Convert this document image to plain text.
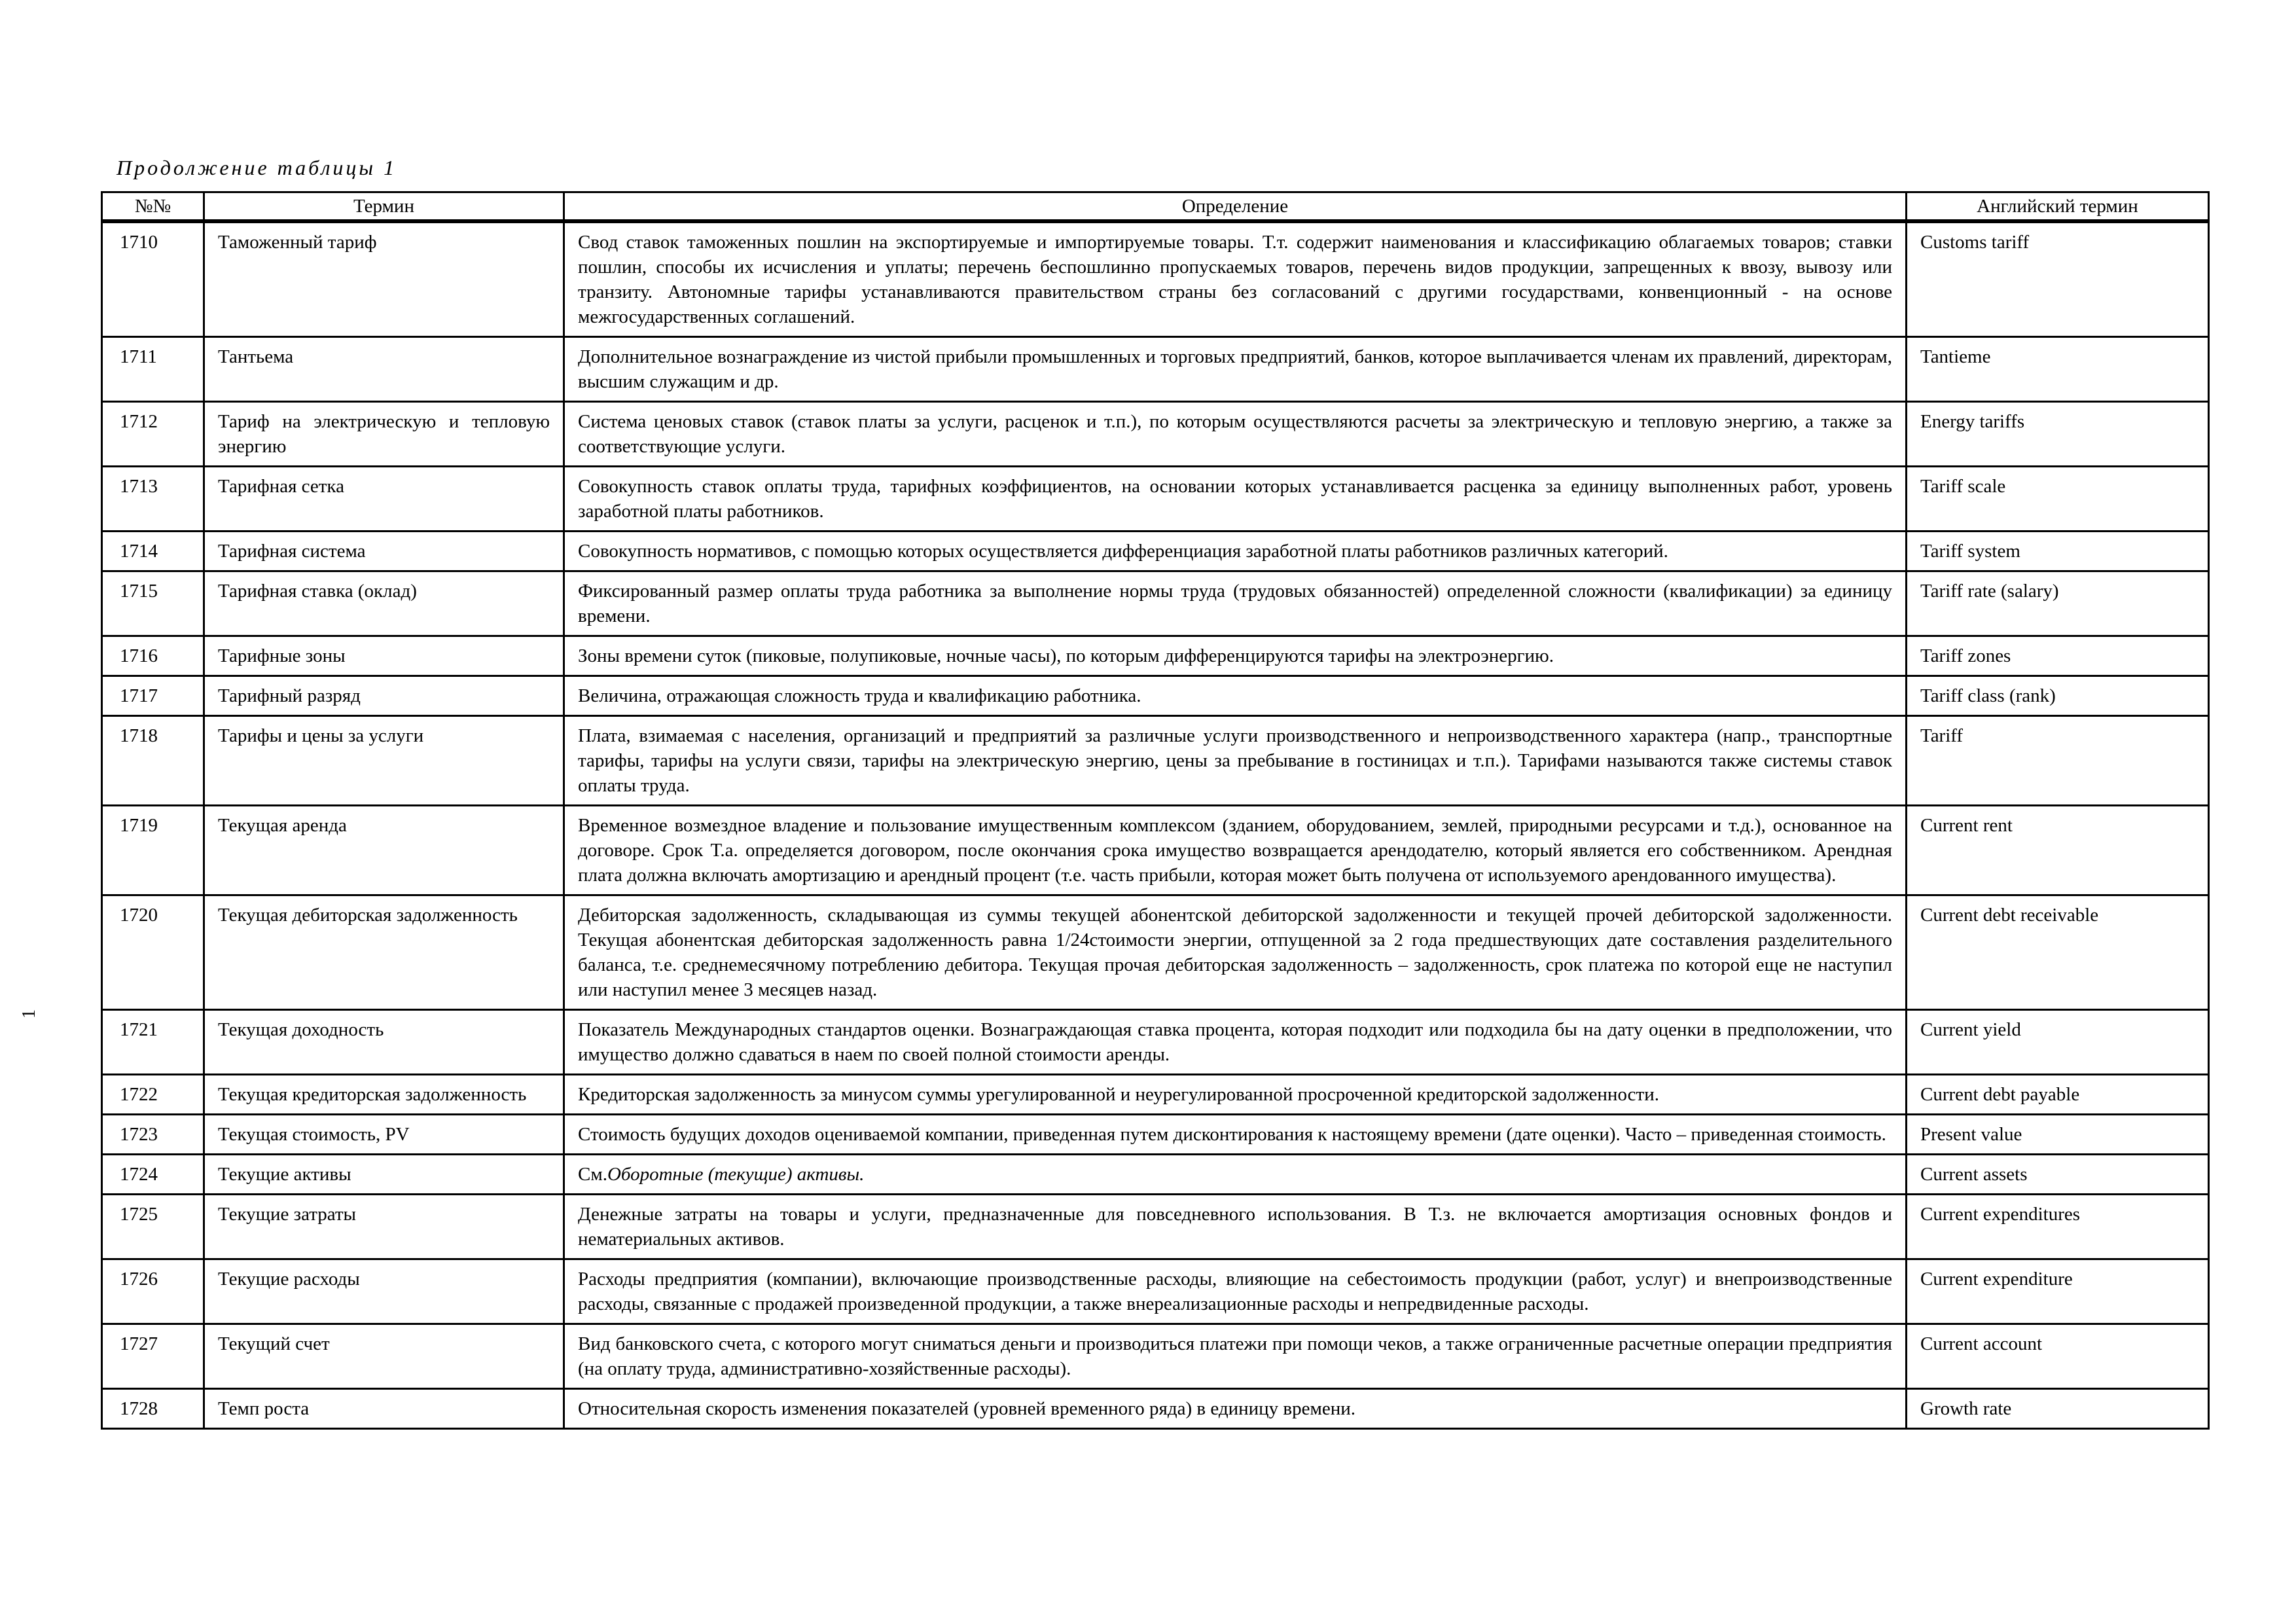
Продолжение таблицы 1
1
№№	Термин	Определение	Английский термин
1710	Таможенный тариф	Свод ставок таможенных пошлин на экспортируемые и импортируемые товары. Т.т. содержит наименования и классификацию облагаемых товаров; ставки пошлин, способы их исчисления и уплаты; перечень беспошлинно пропускаемых товаров, перечень видов продукции, запрещенных к ввозу, вывозу или транзиту. Автономные тарифы устанавливаются правительством страны без согласований с другими государствами, конвенционный - на основе межгосударственных соглашений.	Customs tariff
1711	Тантьема	Дополнительное вознаграждение из чистой прибыли промышленных и торговых предприятий, банков, которое выплачивается членам их правлений, директорам, высшим служащим и др.	Tantieme
1712	Тариф на электрическую и тепловую энергию	Система ценовых ставок (ставок платы за услуги, расценок и т.п.), по которым осуществляются расчеты за электрическую и тепловую энергию, а также за соответствующие услуги.	Energy tariffs
1713	Тарифная сетка	Совокупность ставок оплаты труда, тарифных коэффициентов, на основании которых устанавливается расценка за единицу выполненных работ, уровень заработной платы работников.	Tariff scale
1714	Тарифная система	Совокупность нормативов, с помощью которых осуществляется дифференциация заработной платы работников различных категорий.	Tariff system
1715	Тарифная ставка (оклад)	Фиксированный размер оплаты труда работника за выполнение нормы труда (трудовых обязанностей) определенной сложности (квалификации) за единицу времени.	Tariff rate (salary)
1716	Тарифные зоны	Зоны времени суток (пиковые, полупиковые, ночные часы), по которым дифференцируются тарифы на электроэнергию.	Tariff zones
1717	Тарифный разряд	Величина, отражающая сложность труда и квалификацию работника.	Tariff class (rank)
1718	Тарифы и цены за услуги	Плата, взимаемая с населения, организаций и предприятий за различные услуги производственного и непроизводственного характера (напр., транспортные тарифы, тарифы на услуги связи, тарифы на электрическую энергию, цены за пребывание в гостиницах и т.п.). Тарифами называются также системы ставок оплаты труда.	Tariff
1719	Текущая аренда	Временное возмездное владение и пользование имущественным комплексом (зданием, оборудованием, землей, природными ресурсами и т.д.), основанное на договоре. Срок Т.а. определяется договором, после окончания срока имущество возвращается арендодателю, который является его собственником. Арендная плата должна включать амортизацию и арендный процент (т.е. часть прибыли, которая может быть получена от используемого арендованного имущества).	Current rent
1720	Текущая дебиторская задолженность	Дебиторская задолженность, складывающая из суммы текущей абонентской дебиторской задолженности и текущей прочей дебиторской задолженности. Текущая абонентская дебиторская задолженность равна 1/24стоимости энергии, отпущенной за 2 года предшествующих дате составления разделительного баланса, т.е. среднемесячному потреблению дебитора. Текущая прочая дебиторская задолженность – задолженность, срок платежа по которой еще не наступил или наступил менее 3 месяцев назад.	Current debt receivable
1721	Текущая доходность	Показатель Международных стандартов оценки. Вознаграждающая ставка процента, которая подходит или подходила бы на дату оценки в предположении, что имущество должно сдаваться в наем по своей полной стоимости аренды.	Current yield
1722	Текущая кредиторская задолженность	Кредиторская задолженность за минусом суммы урегулированной и неурегулированной просроченной кредиторской задолженности.	Current debt payable
1723	Текущая стоимость, PV	Стоимость будущих доходов оцениваемой компании, приведенная путем дисконтирования к настоящему времени (дате оценки). Часто – приведенная стоимость.	Present value
1724	Текущие активы	См.Оборотные (текущие) активы.	Current assets
1725	Текущие затраты	Денежные затраты на товары и услуги, предназначенные для повседневного использования. В Т.з. не включается амортизация основных фондов и нематериальных активов.	Current expenditures
1726	Текущие расходы	Расходы предприятия (компании), включающие производственные расходы, влияющие на себестоимость продукции (работ, услуг) и внепроизводственные расходы, связанные с продажей произведенной продукции, а также внереализационные расходы и непредвиденные расходы.	Current expenditure
1727	Текущий счет	Вид банковского счета, с которого могут сниматься деньги и производиться платежи при помощи чеков, а также ограниченные расчетные операции предприятия (на оплату труда, административно-хозяйственные расходы).	Current account
1728	Темп роста	Относительная скорость изменения показателей (уровней временного ряда) в единицу времени.	Growth rate
